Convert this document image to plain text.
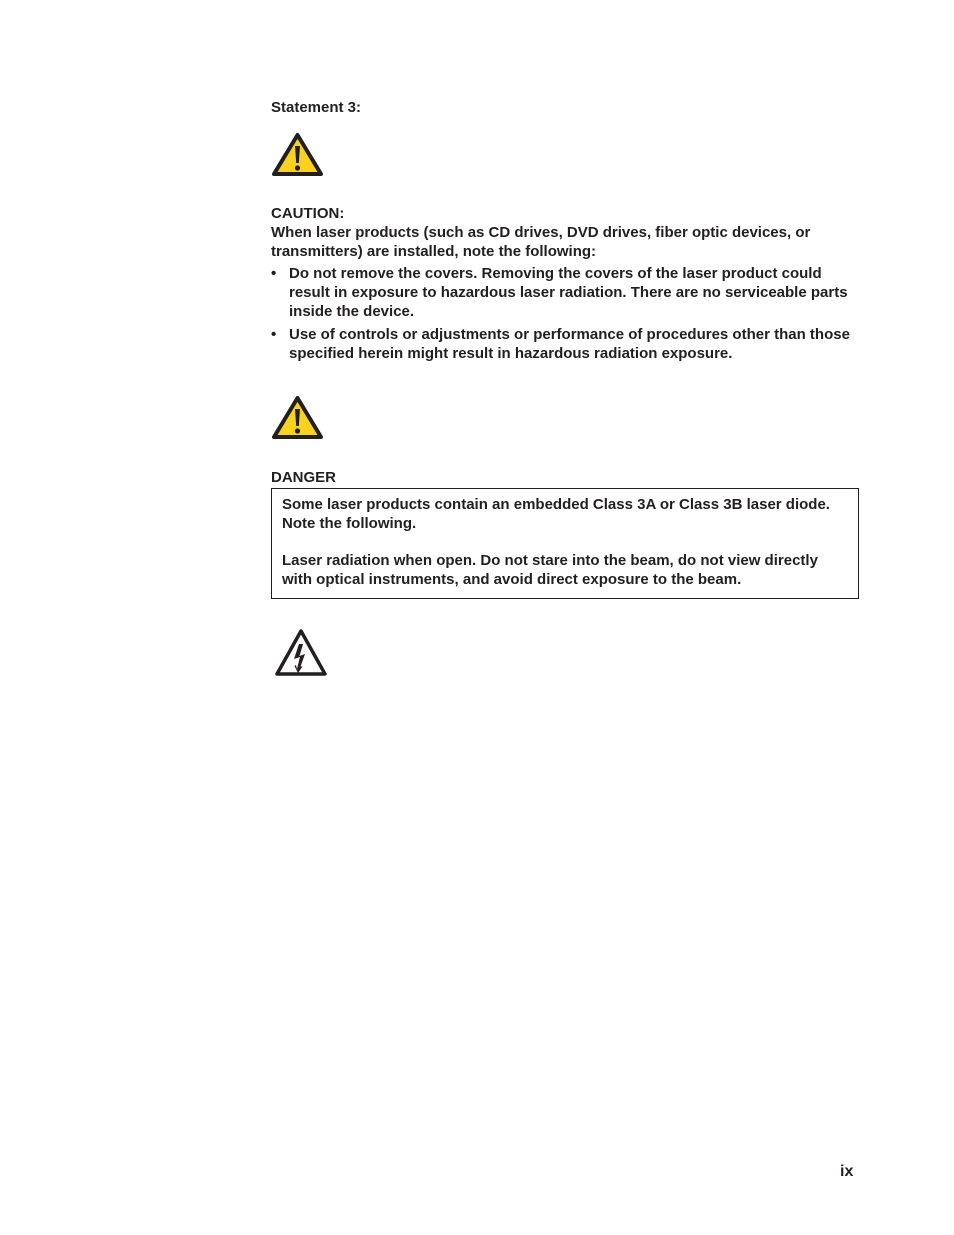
Statement 3:
CAUTION:
When laser products (such as CD drives, DVD drives, fiber optic devices, or transmitters) are installed, note the following:
• Do not remove the covers. Removing the covers of the laser product could result in exposure to hazardous laser radiation. There are no serviceable parts inside the device.
• Use of controls or adjustments or performance of procedures other than those specified herein might result in hazardous radiation exposure.
DANGER

Some laser products contain an embedded Class 3A or Class 3B laser diode. Note the following.

Laser radiation when open. Do not stare into the beam, do not view directly with optical instruments, and avoid direct exposure to the beam.

ix
